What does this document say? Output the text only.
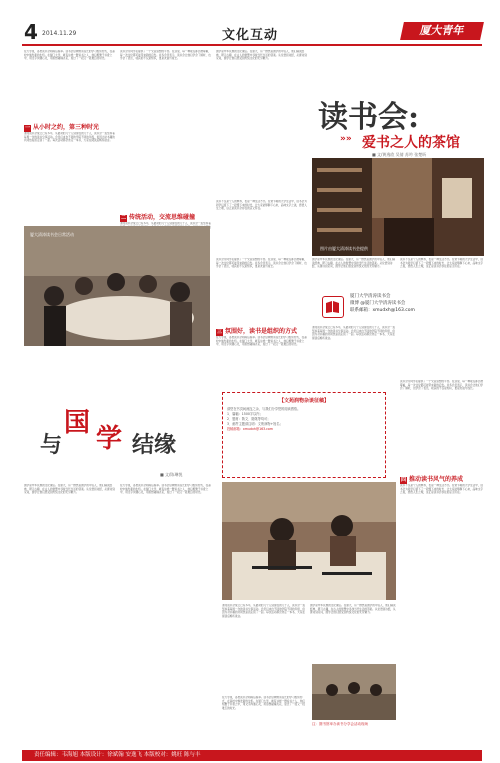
4 2014.11.29	文化互动	厦大青年
读书会:
»» 爱书之人的茶馆
■ 文/黄逸欣 吴倩 苏吟 张楚昕
在大学里，各类读书会如雨后春笋。读书会这种源远流长的学习组织形式，在高校中焕发新的生机。在厦门大学，就有这样一群爱书之人，他们相聚于书香之中，用文字沟通心灵，用思想碰撞火花，度过了一段又一段难忘的时光。
一 从小时之约，第三种时光
清涛读书会成立已有多年，从最初的几个人到现在的几十人，读书会一直坚持着每周一次的读书分享活动。会员们来自不同的学院不同的年级，但因为对书籍的共同热爱而走到了一起。每次活动都会选定一本书，大家在阅读后畅所欲言。
读书会为同学们提供了一个交流思想的平台。在这里，每一种观点都会被尊重，每一次讨论都可能带来新的启发。许多会员表示，读书会让他们学会了倾听，也学会了表达，收获的不仅是知识，更是友谊与成长。
二 传统活动，交流思维碰撞
清涛读书会成立已有多年，从最初的几个人到现在的几十人，读书会一直坚持着
国学是中华民族的文化瑰宝。在厦大，有一群热爱国学的年轻人，他们诵读经典，研习古籍，在古人的智慧中寻找当代生活的答案。从论语到诗经，从唐诗到宋词，国学让他们感受到传统文化的无穷魅力。
读书不仅是个人的修养，也是一种生活方式。在快节奏的大学生活中，读书会为同学们留下了一段慢下来的时光，让大家能够静下心来，品味文字之美，感悟人生之理，这正是读书会存在的意义所在。
图片由厦大清涛读书会提供
厦大清涛读书会日常活动
读书会为同学们提供了一个交流思想的平台。在这里，每一种观点都会被尊重，每一次讨论都可能带来新的启发。许多会员表示，读书会让他们学会了倾听，也学会了表达，收获的不仅是知识，更是友谊与成长。
三 氛围好，读书是组织的方式
在大学里，各类读书会如雨后春笋。读书会这种源远流长的学习组织形式，在高校中焕发新的生机。在厦门大学，就有这样一群爱书之人，他们相聚于书香之中，用文字沟通心灵，用思想碰撞火花，度过了一段又一段难忘的时光。
国学是中华民族的文化瑰宝。在厦大，有一群热爱国学的年轻人，他们诵读经典，研习古籍，在古人的智慧中寻找当代生活的答案。从论语到诗经，从唐诗到宋词，国学让他们感受到传统文化的无穷魅力。
读书不仅是个人的修养，也是一种生活方式。在快节奏的大学生活中，读书会为同学们留下了一段慢下来的时光，让大家能够静下心来，品味文字之美，感悟人生之理，这正是读书会存在的意义所在。
厦门大学清涛读书会
微博 @厦门大学清涛读书会
联系邮箱：xmudxh@163.com
清涛读书会成立已有多年，从最初的几个人到现在的几十人，读书会一直坚持着每周一次的读书分享活动。会员们来自不同的学院不同的年级，但因为对书籍的共同热爱而走到了一起。每次活动都会选定一本书，大家在阅读后畅所欲言。
与
国
学 结缘
■ 文/陈琳悦
国学是中华民族的文化瑰宝。在厦大，有一群热爱国学的年轻人，他们诵读经典，研习古籍，在古人的智慧中寻找当代生活的答案。从论语到诗经，从唐诗到宋词，国学让他们感受到传统文化的无穷魅力。
在大学里，各类读书会如雨后春笋。读书会这种源远流长的学习组织形式，在高校中焕发新的生机。在厦门大学，就有这样一群爱书之人，他们相聚于书香之中，用文字沟通心灵，用思想碰撞火花，度过了一段又一段难忘的时光。
【文苑润物杂谈征稿】
请您在书页间流连之余，与我们分享您的阅读感悟。
1．篇幅：1500字以内；
2．题材：散文、随笔等均可；
3．邮件主题请注明：文苑润物+姓名；
投稿邮箱：xmudxh@163.com
读书会为同学们提供了一个交流思想的平台。在这里，每一种观点都会被尊重，每一次讨论都可能带来新的启发。许多会员表示，读书会让他们学会了倾听，也学会了表达，收获的不仅是知识，更是友谊与成长。
四 推动读书风气的养成
读书不仅是个人的修养，也是一种生活方式。在快节奏的大学生活中，读书会为同学们留下了一段慢下来的时光，让大家能够静下心来，品味文字之美，感悟人生之理，这正是读书会存在的意义所在。
清涛读书会成立已有多年，从最初的几个人到现在的几十人，读书会一直坚持着每周一次的读书分享活动。会员们来自不同的学院不同的年级，但因为对书籍的共同热爱而走到了一起。每次活动都会选定一本书，大家在阅读后畅所欲言。
国学是中华民族的文化瑰宝。在厦大，有一群热爱国学的年轻人，他们诵读经典，研习古籍，在古人的智慧中寻找当代生活的答案。从论语到诗经，从唐诗到宋词，国学让他们感受到传统文化的无穷魅力。
注：图书馆举办读书分享会活动现场
在大学里，各类读书会如雨后春笋。读书会这种源远流长的学习组织形式，在高校中焕发新的生机。在厦门大学，就有这样一群爱书之人，他们相聚于书香之中，用文字沟通心灵，用思想碰撞火花，度过了一段又一段难忘的时光。
责任编辑：韦海旭 本版设计：徐斌翰 安逸飞 本版校对：姚旺 陈与丰
